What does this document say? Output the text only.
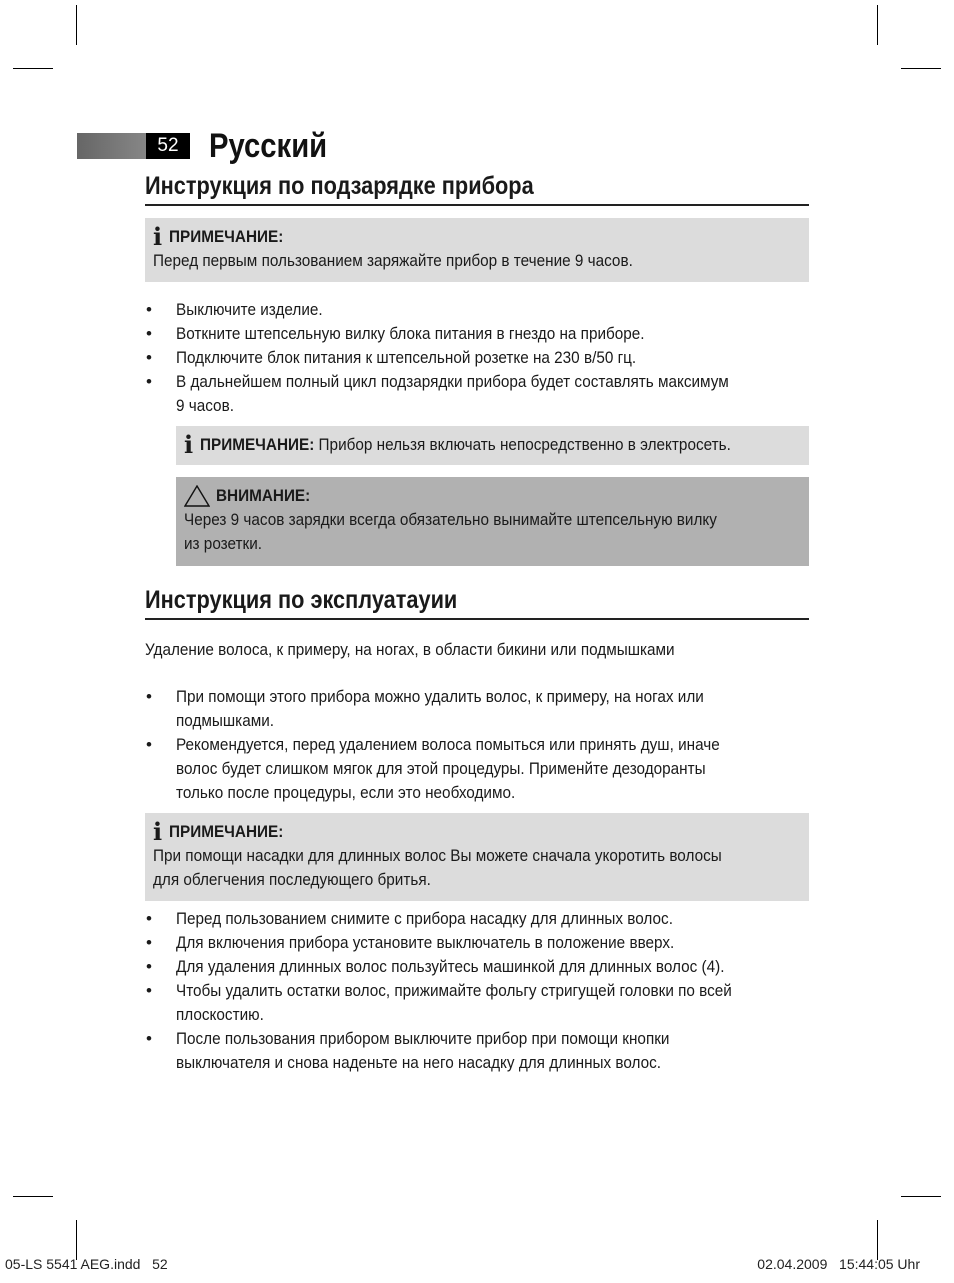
52 Русский
Инструкция по подзарядке прибора
i ПРИМЕЧАНИЕ:
Перед первым пользованием заряжайте прибор в течение 9 часов.
• Выключите изделие.
• Воткните штепсельную вилку блока питания в гнездо на приборе.
• Подключите блок питания к штепсельной розетке на 230 в/50 гц.
• В дальнейшем полный цикл подзарядки прибора будет составлять максимум
9 часов.
i ПРИМЕЧАНИЕ: Прибор нельзя включать непосредственно в электросеть.
ВНИМАНИЕ:
Через 9 часов зарядки всегда обязательно вынимайте штепсельную вилку
из розетки.
Инструкция по эксплуатауии
Удаление волоса, к примеру, на ногах, в области бикини или подмышками
• При помощи этого прибора можно удалить волос, к примеру, на ногах или
подмышками.
• Рекомендуется, перед удалением волоса помыться или принять душ, иначе
волос будет слишком мягок для этой процедуры. Применйте дезодоранты
только после процедуры, если это необходимо.
i ПРИМЕЧАНИЕ:
При помощи насадки для длинных волос Вы можете сначала укоротить волосы
для облегчения последующего бритья.
• Перед пользованием снимите с прибора насадку для длинных волос.
• Для включения прибора установите выключатель в положение вверх.
• Для удаления длинных волос пользуйтесь машинкой для длинных волос (4).
• Чтобы удалить остатки волос, прижимайте фольгу стригущей головки по всей
плоскостию.
• После пользования прибором выключите прибор при помощи кнопки
выключателя и снова наденьте на него насадку для длинных волос.
05-LS 5541 AEG.indd 52	02.04.2009 15:44:05 Uhr
